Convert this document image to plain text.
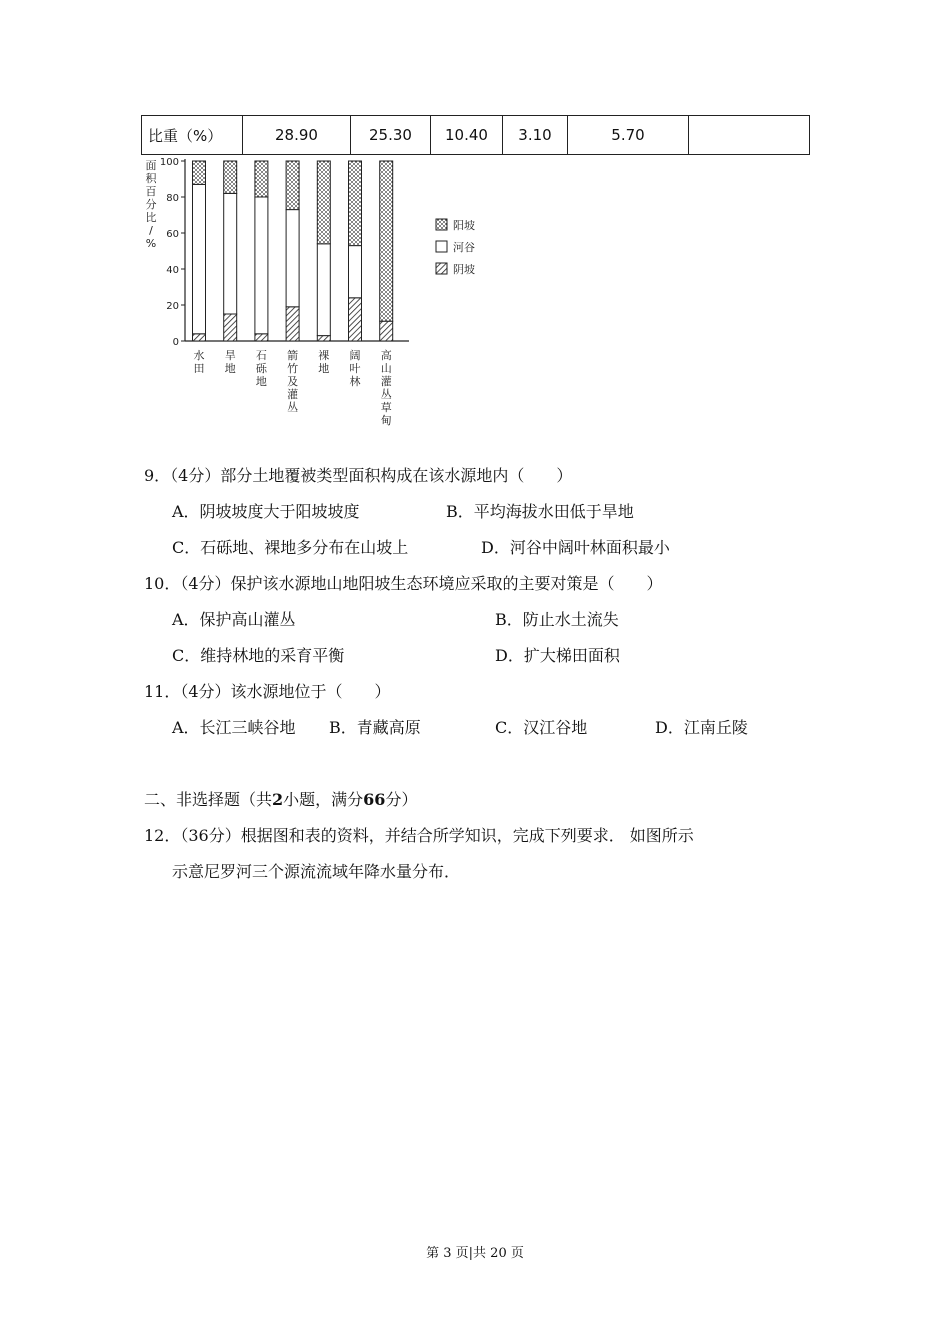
比重（%）	28.90	25.30	10.40	3.10	5.70	
面
积
百
分
比
/
%
0
20
40
60
80
100
水
田
旱
地
石
砾
地
箭
竹
及
灌
丛
裸
地
阔
叶
林
高
山
灌
丛
草
甸
阳坡
河谷
阴坡
9．（4分）部分土地覆被类型面积构成在该水源地内（　　）
A．阴坡坡度大于阳坡坡度	B．平均海拔水田低于旱地
C．石砾地、裸地多分布在山坡上	D．河谷中阔叶林面积最小
10．（4分）保护该水源地山地阳坡生态环境应采取的主要对策是（　　）
A．保护高山灌丛	B．防止水土流失
C．维持林地的采育平衡	D．扩大梯田面积
11．（4分）该水源地位于（　　）
A．长江三峡谷地 B．青藏高原	C．汉江谷地	D．江南丘陵
二、非选择题（共2小题，满分66分）
12．（36分）根据图和表的资料，并结合所学知识，完成下列要求． 如图所示
示意尼罗河三个源流流域年降水量分布．
第 3 页|共 20 页
